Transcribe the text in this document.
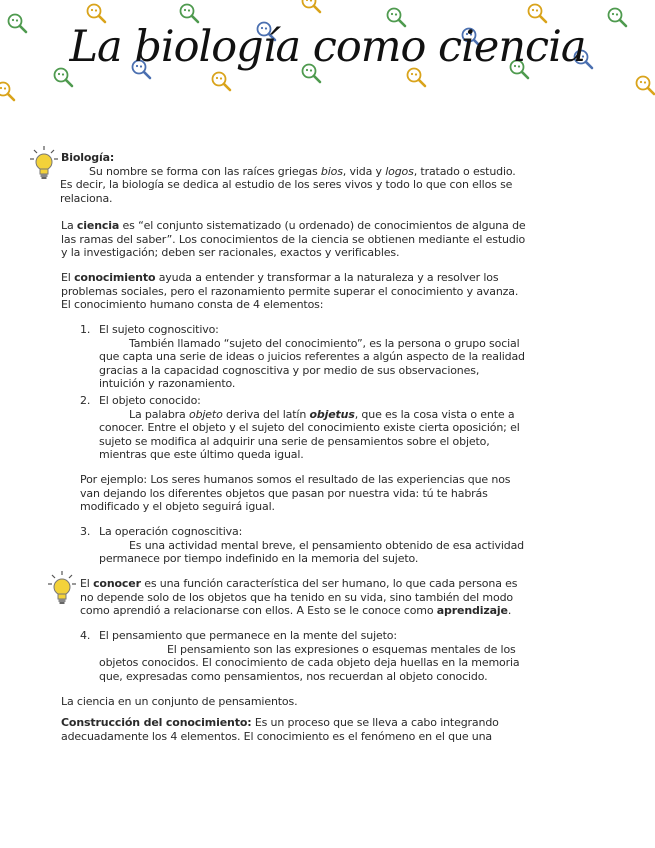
La biología como ciencia
Biología:
Su nombre se forma con las raíces griegas bios, vida y logos, tratado o estudio.
Es decir, la biología se dedica al estudio de los seres vivos y todo lo que con ellos se
relaciona.
La ciencia es “el conjunto sistematizado (u ordenado) de conocimientos de alguna de
las ramas del saber”. Los conocimientos de la ciencia se obtienen mediante el estudio
y la investigación; deben ser racionales, exactos y verificables.
El conocimiento ayuda a entender y transformar a la naturaleza y a resolver los
problemas sociales, pero el razonamiento permite superar el conocimiento y avanza.
El conocimiento humano consta de 4 elementos:
1. El sujeto cognoscitivo:
También llamado “sujeto del conocimiento”, es la persona o grupo social
que capta una serie de ideas o juicios referentes a algún aspecto de la realidad
gracias a la capacidad cognoscitiva y por medio de sus observaciones,
intuición y razonamiento.
2. El objeto conocido:
La palabra objeto deriva del latín objetus, que es la cosa vista o ente a
conocer. Entre el objeto y el sujeto del conocimiento existe cierta oposición; el
sujeto se modifica al adquirir una serie de pensamientos sobre el objeto,
mientras que este último queda igual.
Por ejemplo: Los seres humanos somos el resultado de las experiencias que nos
van dejando los diferentes objetos que pasan por nuestra vida: tú te habrás
modificado y el objeto seguirá igual.
3. La operación cognoscitiva:
Es una actividad mental breve, el pensamiento obtenido de esa actividad
permanece por tiempo indefinido en la memoria del sujeto.
El conocer es una función característica del ser humano, lo que cada persona es
no depende solo de los objetos que ha tenido en su vida, sino también del modo
como aprendió a relacionarse con ellos. A Esto se le conoce como aprendizaje.
4. El pensamiento que permanece en la mente del sujeto:
El pensamiento son las expresiones o esquemas mentales de los
objetos conocidos. El conocimiento de cada objeto deja huellas en la memoria
que, expresadas como pensamientos, nos recuerdan al objeto conocido.
La ciencia en un conjunto de pensamientos.
Construcción del conocimiento: Es un proceso que se lleva a cabo integrando
adecuadamente los 4 elementos. El conocimiento es el fenómeno en el que una
